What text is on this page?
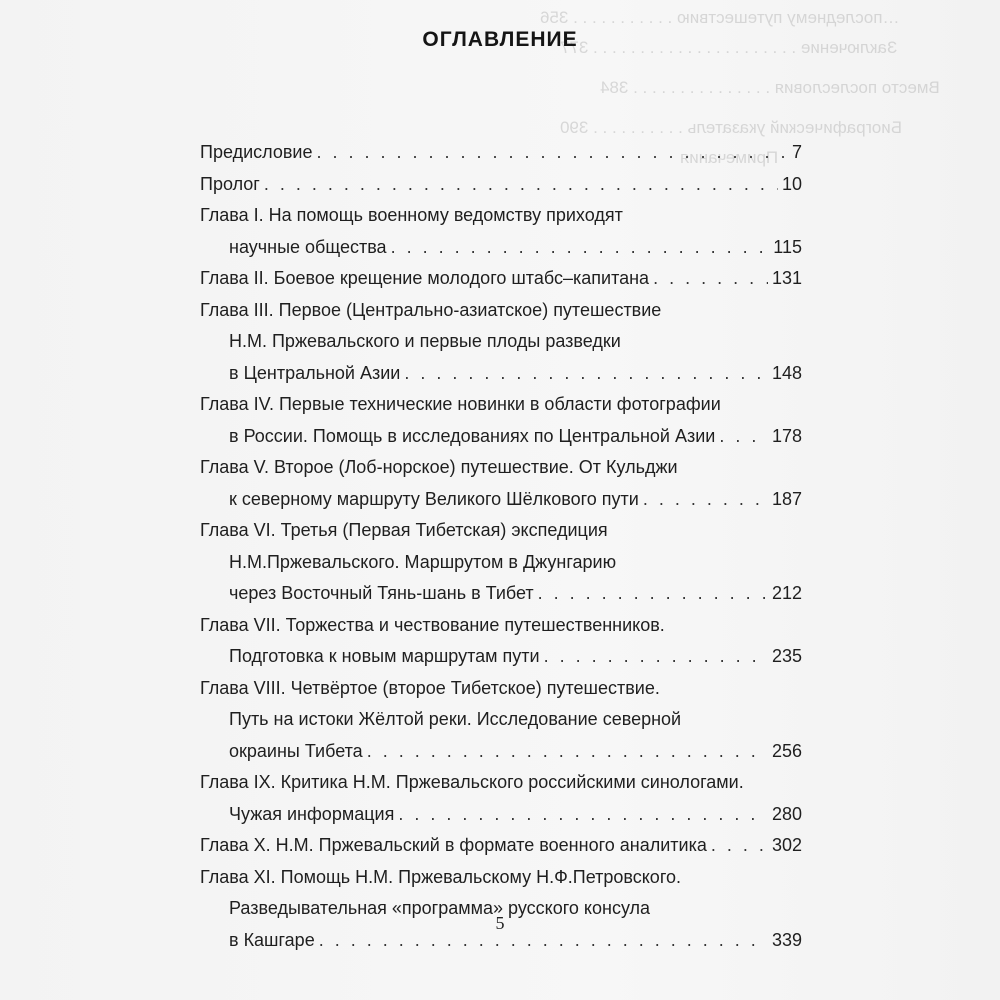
…последнему путешествию . . . . . . . . . . . 356
Заключение . . . . . . . . . . . . . . . . . . . . . . 377
Вместо послесловия . . . . . . . . . . . . . . . 384
Биографический указатель . . . . . . . . . . 390
Примечания
ОГЛАВЛЕНИЕ
Предисловие . . .	7
Пролог . . .	10
Глава I. На помощь военному ведомству приходят
научные общества . . .	115
Глава II. Боевое крещение молодого штабс–капитана . . .	131
Глава III. Первое (Центрально-азиатское) путешествие
Н.М. Пржевальского и первые плоды разведки
в Центральной Азии . . .	148
Глава IV. Первые технические новинки в области фотографии
в России. Помощь в исследованиях по Центральной Азии . . .	178
Глава V. Второе (Лоб-норское) путешествие. От Кульджи
к северному маршруту Великого Шёлкового пути . . .	187
Глава VI. Третья (Первая Тибетская) экспедиция
Н.М.Пржевальского. Маршрутом в Джунгарию
через Восточный Тянь-шань в Тибет . . .	212
Глава VII. Торжества и чествование путешественников.
Подготовка к новым маршрутам пути . . .	235
Глава VIII. Четвёртое (второе Тибетское) путешествие.
Путь на истоки Жёлтой реки. Исследование северной
окраины Тибета . . .	256
Глава IX. Критика Н.М. Пржевальского российскими синологами.
Чужая информация . . .	280
Глава X. Н.М. Пржевальский в формате военного аналитика . . .	302
Глава XI. Помощь Н.М. Пржевальскому Н.Ф.Петровского.
Разведывательная «программа» русского консула
в Кашгаре . . .	339
5
